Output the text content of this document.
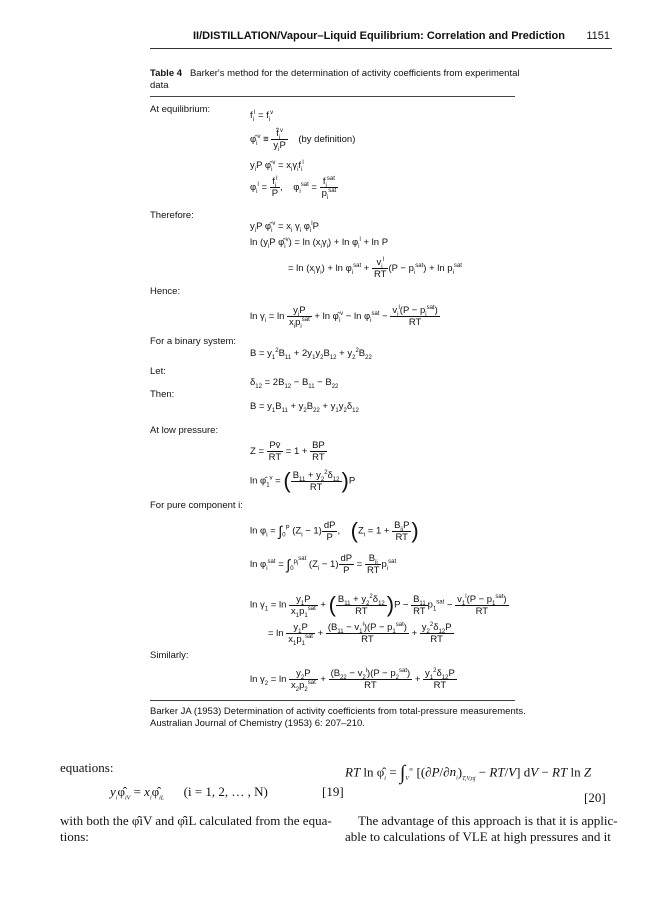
II/DISTILLATION/Vapour–Liquid Equilibrium: Correlation and Prediction 1151
Table 4 Barker's method for the determination of activity coefficients from experimental data
At equilibrium:
$f_i^l = f_i^v$
$\varphî_i^v \equiv \frac{f̂_i^v}{y_iP} (by$ definition)
$y_iP$ $\varphî_i^v = x_i\gamma_if_i^l$
$\varphi_i^l = \frac{f_i^l}{P}$ ,    $\varphi_i^{sat} = \frac{f_i^{sat}}{p_i^{sat}}$
Therefore:
$y_iP$ $\varphî_i^v = x_i$ $\gamma_i$ $\varphi_i^lP$
$\ln (y_iP$ $\varphî_i^v) = \ln (x_i\gamma_i) + \ln \varphi_i^l + \ln P$
= $\ln (x_i\gamma_i) + \ln \varphi_i^{sat} + \frac{v_i^l}{RT} (P - p_i^{sat}) + \ln p_i^{sat}$
Hence:
$\ln \gamma_i = \ln \frac{y_iP}{x_ip_i^{sat}} + \ln$ $\varphî_i^v - \ln \varphi_i^{sat} - \frac{v_i^l(P - p_i^{sat})}{RT}$
For a binary system:
$B = y_1^2B_{11} + 2y_1y_2B_{12} + y_2^2B_{22}$
Let:
$\delta_{12} = 2B_{12} - B_{11} - B_{22}$
Then:
$B = y_1B_{11} + y_2B_{22} + y_1y_2\delta_{12}$
At low pressure:
$Z = \frac{Pv̄}{RT} = 1 + \frac{BP}{RT}$
$\ln \varphî_1^v$ = ( $\frac{B_{11} + y_2^2\delta_{12}}{RT} )P$
For pure component i:
$\ln \varphi_i = \int_0^P$ $(Z_i - 1) \frac{dP}{P}$ ,    ($Z_i = 1 + \frac{B_{ii}P}{RT}$ )
$\ln \varphi_i^{sat} = \int_0^{p_i^{sat}}$ $(Z_i - 1) \frac{dP}{P} = \frac{B_{ii}}{RT} p_i^{sat}$
$\ln \gamma_1 = \ln \frac{y_1P}{x_1p_1^{sat}}$ + ( $\frac{B_{11} + y_2^2\delta_{12}}{RT} )P - \frac{B_{11}}{RT} p_1^{sat} - \frac{v_1^l(P - p_1^{sat})}{RT}$
= $\ln \frac{y_1P}{x_1p_1^{sat}} + \frac{(B_{11} - v_1^l)(P - p_1^{sat})}{RT} + \frac{y_2^2\delta_{12}P}{RT}$
Similarly:
$\ln \gamma_2 = \ln \frac{y_2P}{x_2p_2^{sat}} + \frac{(B_{22} - v_2^l)(P - p_2^{sat})}{RT} + \frac{y_1^2\delta_{12}P}{RT}$
Barker JA (1953) Determination of activity coefficients from total-pressure measurements. Australian Journal of Chemistry (1953) 6: 207–210.
equations:
$y_i\varphî_{iV}$ = $x_i\varphî_{iL}$ (i = 1, 2, … , N)	[19]
with both the φ̂iV and φ̂iL calculated from the equa-
tions:
RT $\ln \varphî_i = \int_V^\infty$ $[(\partial P/\partial n_i)_{T,V,nj} - RT/V]$ dV − RT ln Z
[20]
The advantage of this approach is that it is applic-
able to calculations of VLE at high pressures and it
